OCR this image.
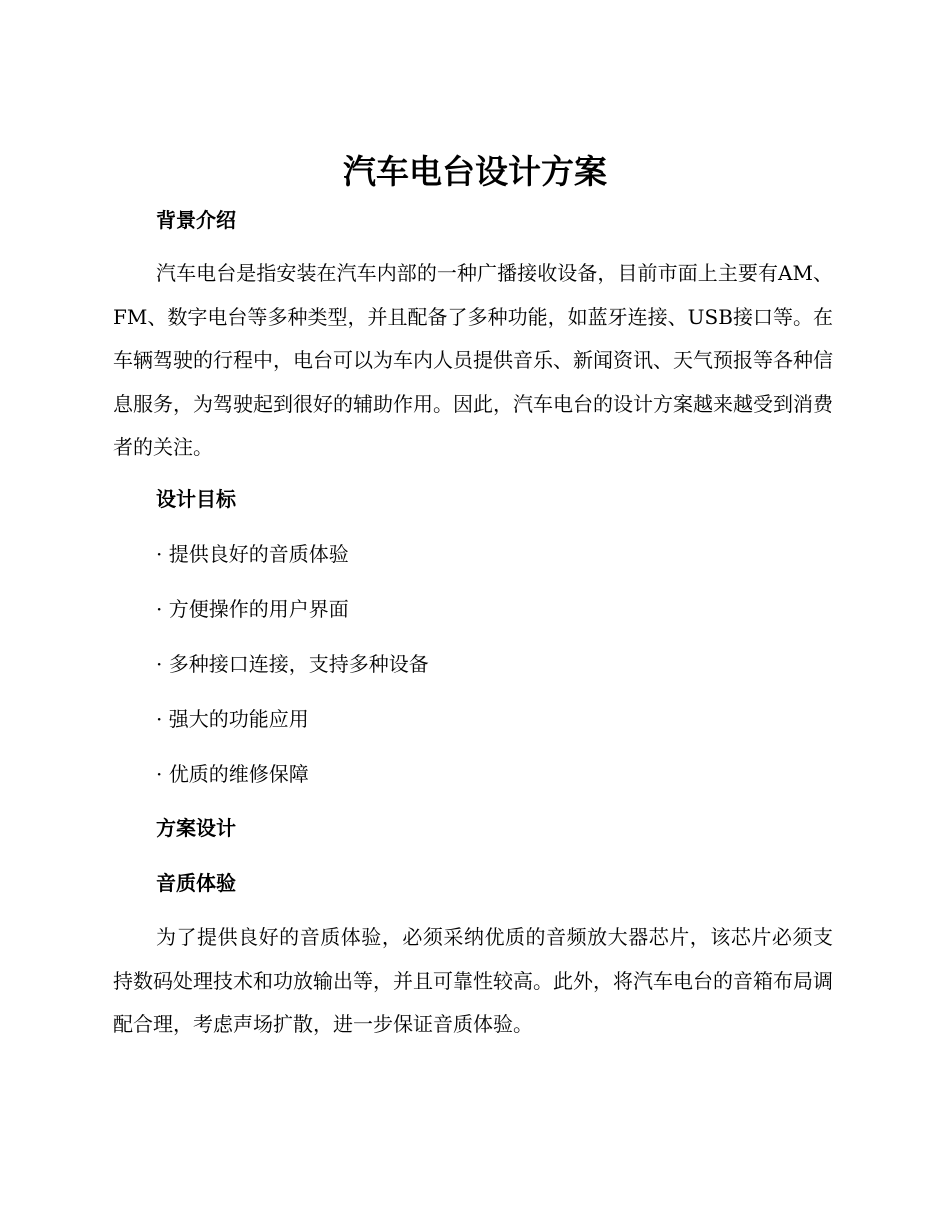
汽车电台设计方案
背景介绍
汽车电台是指安装在汽车内部的一种广播接收设备，目前市面上主要有AM、FM、数字电台等多种类型，并且配备了多种功能，如蓝牙连接、USB接口等。在车辆驾驶的行程中，电台可以为车内人员提供音乐、新闻资讯、天气预报等各种信息服务，为驾驶起到很好的辅助作用。因此，汽车电台的设计方案越来越受到消费者的关注。
设计目标
· 提供良好的音质体验
· 方便操作的用户界面
· 多种接口连接，支持多种设备
· 强大的功能应用
· 优质的维修保障
方案设计
音质体验
为了提供良好的音质体验，必须采纳优质的音频放大器芯片，该芯片必须支持数码处理技术和功放输出等，并且可靠性较高。此外，将汽车电台的音箱布局调配合理，考虑声场扩散，进一步保证音质体验。
